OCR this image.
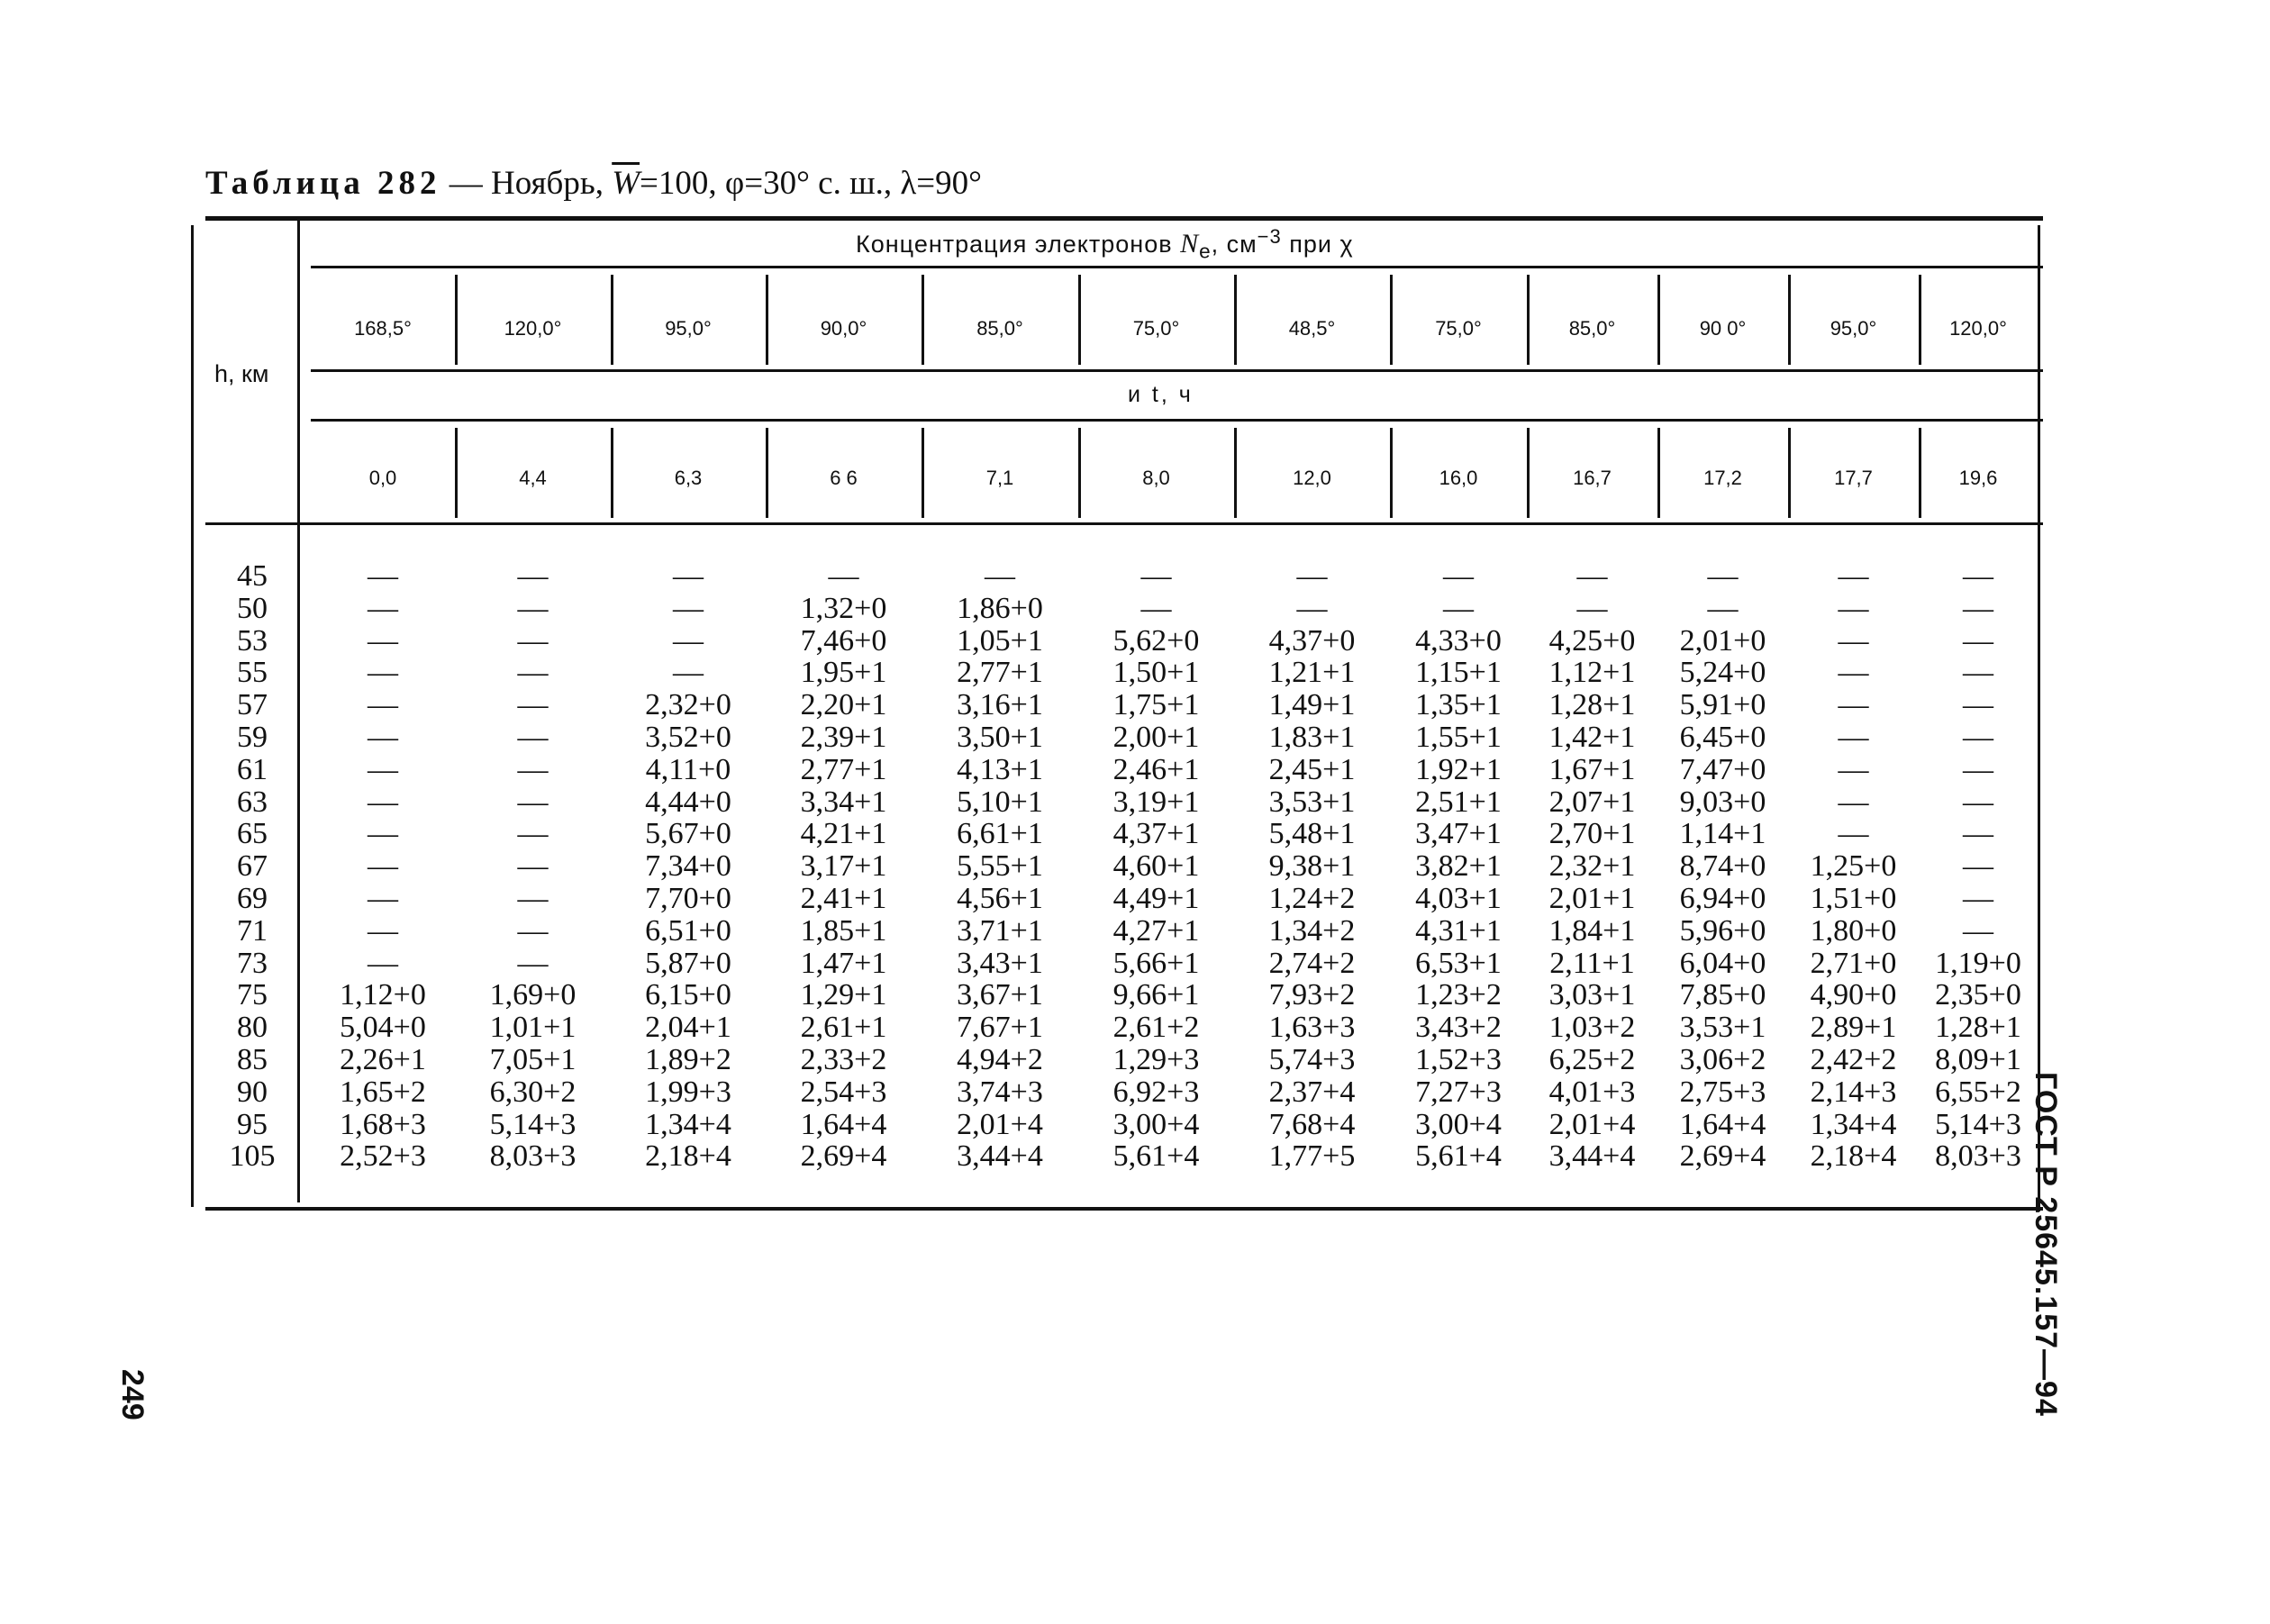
Таблица 282 — Ноябрь, $\overline{W}=100$, φ=30° с. ш., λ=90°
Концентрация электронов $N_e$, $см^{-3}$ при χ
h, км
и t, ч
168,5°
0,0
120,0°
4,4
95,0°
6,3
90,0°
6 6
85,0°
7,1
75,0°
8,0
48,5°
12,0
75,0°
16,0
85,0°
16,7
90 0°
17,2
95,0°
17,7
120,0°
19,6
45
50
53
55
57
59
61
63
65
67
69
71
73
75
80
85
90
95
105
—
—
—
—
—
—
—
—
—
—
—
—
—
1,12+0
5,04+0
2,26+1
1,65+2
1,68+3
2,52+3
—
—
—
—
—
—
—
—
—
—
—
—
—
1,69+0
1,01+1
7,05+1
6,30+2
5,14+3
8,03+3
—
—
—
—
2,32+0
3,52+0
4,11+0
4,44+0
5,67+0
7,34+0
7,70+0
6,51+0
5,87+0
6,15+0
2,04+1
1,89+2
1,99+3
1,34+4
2,18+4
—
1,32+0
7,46+0
1,95+1
2,20+1
2,39+1
2,77+1
3,34+1
4,21+1
3,17+1
2,41+1
1,85+1
1,47+1
1,29+1
2,61+1
2,33+2
2,54+3
1,64+4
2,69+4
—
1,86+0
1,05+1
2,77+1
3,16+1
3,50+1
4,13+1
5,10+1
6,61+1
5,55+1
4,56+1
3,71+1
3,43+1
3,67+1
7,67+1
4,94+2
3,74+3
2,01+4
3,44+4
—
—
5,62+0
1,50+1
1,75+1
2,00+1
2,46+1
3,19+1
4,37+1
4,60+1
4,49+1
4,27+1
5,66+1
9,66+1
2,61+2
1,29+3
6,92+3
3,00+4
5,61+4
—
—
4,37+0
1,21+1
1,49+1
1,83+1
2,45+1
3,53+1
5,48+1
9,38+1
1,24+2
1,34+2
2,74+2
7,93+2
1,63+3
5,74+3
2,37+4
7,68+4
1,77+5
—
—
4,33+0
1,15+1
1,35+1
1,55+1
1,92+1
2,51+1
3,47+1
3,82+1
4,03+1
4,31+1
6,53+1
1,23+2
3,43+2
1,52+3
7,27+3
3,00+4
5,61+4
—
—
4,25+0
1,12+1
1,28+1
1,42+1
1,67+1
2,07+1
2,70+1
2,32+1
2,01+1
1,84+1
2,11+1
3,03+1
1,03+2
6,25+2
4,01+3
2,01+4
3,44+4
—
—
2,01+0
5,24+0
5,91+0
6,45+0
7,47+0
9,03+0
1,14+1
8,74+0
6,94+0
5,96+0
6,04+0
7,85+0
3,53+1
3,06+2
2,75+3
1,64+4
2,69+4
—
—
—
—
—
—
—
—
—
1,25+0
1,51+0
1,80+0
2,71+0
4,90+0
2,89+1
2,42+2
2,14+3
1,34+4
2,18+4
—
—
—
—
—
—
—
—
—
—
—
—
1,19+0
2,35+0
1,28+1
8,09+1
6,55+2
5,14+3
8,03+3 ГОСТ Р 25645.157—94
249
